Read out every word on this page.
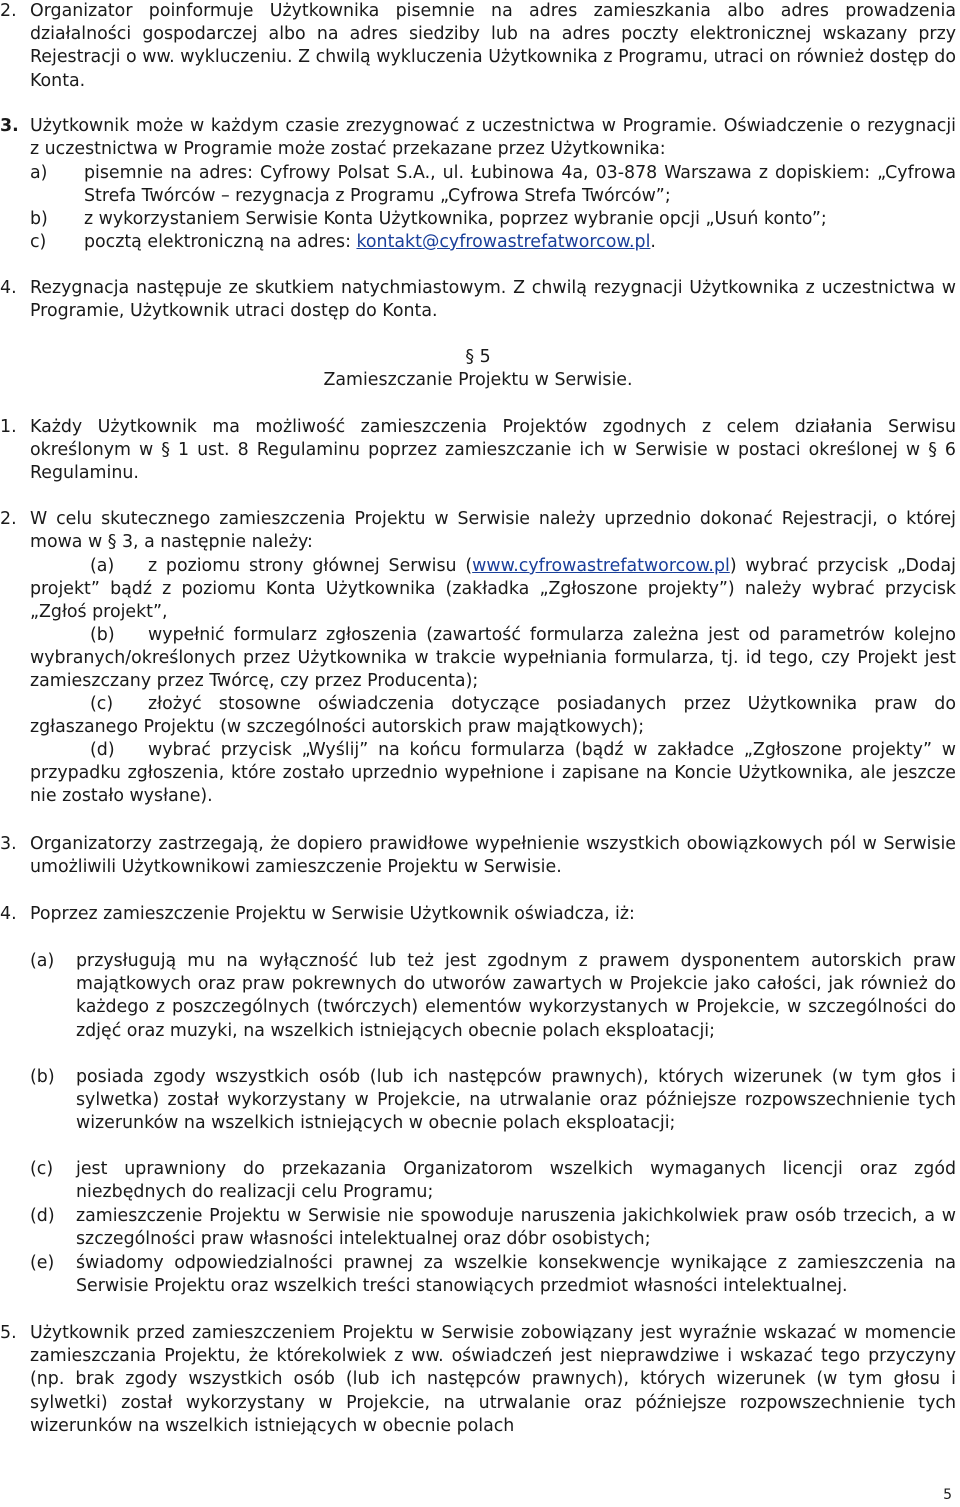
2. Organizator poinformuje Użytkownika pisemnie na adres zamieszkania albo adres prowadzenia działalności gospodarczej albo na adres siedziby lub na adres poczty elektronicznej wskazany przy Rejestracji o ww. wykluczeniu. Z chwilą wykluczenia Użytkownika z Programu, utraci on również dostęp do Konta.

3. Użytkownik może w każdym czasie zrezygnować z uczestnictwa w Programie. Oświadczenie o rezygnacji z uczestnictwa w Programie może zostać przekazane przez Użytkownika:

a) pisemnie na adres: Cyfrowy Polsat S.A., ul. Łubinowa 4a, 03-878 Warszawa z dopiskiem: „Cyfrowa Strefa Twórców – rezygnacja z Programu „Cyfrowa Strefa Twórców”;

b) z wykorzystaniem Serwisie Konta Użytkownika, poprzez wybranie opcji „Usuń konto”;

c) pocztą elektroniczną na adres: kontakt@cyfrowastrefatworcow.pl.

4. Rezygnacja następuje ze skutkiem natychmiastowym. Z chwilą rezygnacji Użytkownika z uczestnictwa w Programie, Użytkownik utraci dostęp do Konta.

§ 5
Zamieszczanie Projektu w Serwisie.
1. Każdy Użytkownik ma możliwość zamieszczenia Projektów zgodnych z celem działania Serwisu określonym w § 1 ust. 8 Regulaminu poprzez zamieszczanie ich w Serwisie w postaci określonej w § 6 Regulaminu.

2. W celu skutecznego zamieszczenia Projektu w Serwisie należy uprzednio dokonać Rejestracji, o której mowa w § 3, a następnie należy:

(a) z poziomu strony głównej Serwisu (www.cyfrowastrefatworcow.pl) wybrać przycisk „Dodaj projekt” bądź z poziomu Konta Użytkownika (zakładka „Zgłoszone projekty”) należy wybrać przycisk „Zgłoś projekt”,

(b) wypełnić formularz zgłoszenia (zawartość formularza zależna jest od parametrów kolejno wybranych/określonych przez Użytkownika w trakcie wypełniania formularza, tj. id tego, czy Projekt jest zamieszczany przez Twórcę, czy przez Producenta);

(c) złożyć stosowne oświadczenia dotyczące posiadanych przez Użytkownika praw do zgłaszanego Projektu (w szczególności autorskich praw majątkowych);

(d) wybrać przycisk „Wyślij” na końcu formularza (bądź w zakładce „Zgłoszone projekty” w przypadku zgłoszenia, które zostało uprzednio wypełnione i zapisane na Koncie Użytkownika, ale jeszcze nie zostało wysłane).

3. Organizatorzy zastrzegają, że dopiero prawidłowe wypełnienie wszystkich obowiązkowych pól w Serwisie umożliwili Użytkownikowi zamieszczenie Projektu w Serwisie.

4. Poprzez zamieszczenie Projektu w Serwisie Użytkownik oświadcza, iż:

(a) przysługują mu na wyłączność lub też jest zgodnym z prawem dysponentem autorskich praw majątkowych oraz praw pokrewnych do utworów zawartych w Projekcie jako całości, jak również do każdego z poszczególnych (twórczych) elementów wykorzystanych w Projekcie, w szczególności do zdjęć oraz muzyki, na wszelkich istniejących obecnie polach eksploatacji;

(b) posiada zgody wszystkich osób (lub ich następców prawnych), których wizerunek (w tym głos i sylwetka) został wykorzystany w Projekcie, na utrwalanie oraz późniejsze rozpowszechnienie tych wizerunków na wszelkich istniejących w obecnie polach eksploatacji;

(c) jest uprawniony do przekazania Organizatorom wszelkich wymaganych licencji oraz zgód niezbędnych do realizacji celu Programu;

(d) zamieszczenie Projektu w Serwisie nie spowoduje naruszenia jakichkolwiek praw osób trzecich, a w szczególności praw własności intelektualnej oraz dóbr osobistych;

(e) świadomy odpowiedzialności prawnej za wszelkie konsekwencje wynikające z zamieszczenia na Serwisie Projektu oraz wszelkich treści stanowiących przedmiot własności intelektualnej.

5. Użytkownik przed zamieszczeniem Projektu w Serwisie zobowiązany jest wyraźnie wskazać w momencie zamieszczania Projektu, że którekolwiek z ww. oświadczeń jest nieprawdziwe i wskazać tego przyczyny (np. brak zgody wszystkich osób (lub ich następców prawnych), których wizerunek (w tym głosu i sylwetki) został wykorzystany w Projekcie, na utrwalanie oraz późniejsze rozpowszechnienie tych wizerunków na wszelkich istniejących w obecnie polach

5
